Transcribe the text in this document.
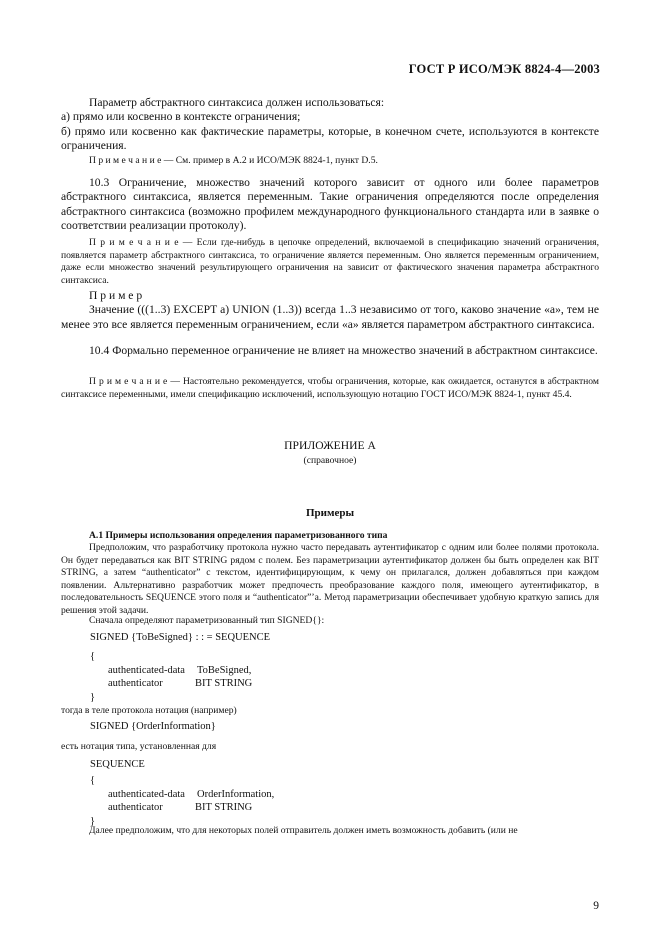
ГОСТ Р ИСО/МЭК 8824-4—2003

Параметр абстрактного синтаксиса должен использоваться:

а) прямо или косвенно в контексте ограничения;

б) прямо или косвенно как фактические параметры, которые, в конечном счете, используются в контексте ограничения.

П р и м е ч а н и е — См. пример в А.2 и ИСО/МЭК 8824-1, пункт D.5.
10.3 Ограничение, множество значений которого зависит от одного или более параметров абстрактного синтаксиса, является переменным. Такие ограничения определяются после определения абстрактного синтаксиса (возможно профилем международного функционального стандарта или в заявке о соответствии реализации протоколу).
П р и м е ч а н и е — Если где-нибудь в цепочке определений, включаемой в спецификацию значений ограничения, появляется параметр абстрактного синтаксиса, то ограничение является переменным. Оно является переменным ограничением, даже если множество значений результирующего ограничения на зависит от фактического значения параметра абстрактного синтаксиса.

П р и м е р

Значение (((1..3) EXCEPT a) UNION (1..3)) всегда 1..3 независимо от того, каково значение «а», тем не менее это все является переменным ограничением, если «а» является параметром абстрактного синтаксиса.

10.4 Формально переменное ограничение не влияет на множество значений в абстрактном синтаксисе.
П р и м е ч а н и е — Настоятельно рекомендуется, чтобы ограничения, которые, как ожидается, останутся в абстрактном синтаксисе переменными, имели спецификацию исключений, использующую нотацию ГОСТ ИСО/МЭК 8824-1, пункт 45.4.
ПРИЛОЖЕНИЕ А
(справочное)
Примеры
А.1 Примеры использования определения параметризованного типа
Предположим, что разработчику протокола нужно часто передавать аутентификатор с одним или более полями протокола. Он будет передаваться как BIT STRING рядом с полем. Без параметризации аутентификатор должен бы быть определен как BIT STRING, а затем “authenticator” с текстом, идентифицирующим, к чему он прилагался, должен добавляться при каждом появлении. Альтернативно разработчик может предпочесть преобразование каждого поля, имеющего аутентификатор, в последовательность SEQUENCE этого поля и “authenticator”’а. Метод параметризации обеспечивает удобную краткую запись для решения этой задачи.
Сначала определяют параметризованный тип SIGNED{}:
SIGNED {ToBeSigned} : : = SEQUENCE
{
authenticated-data ToBeSigned,
authenticator	BIT STRING
}
тогда в теле протокола нотация (например)
SIGNED {OrderInformation}
есть нотация типа, установленная для
SEQUENCE
{
authenticated-data OrderInformation,
authenticator	BIT STRING
}
Далее предположим, что для некоторых полей отправитель должен иметь возможность добавить (или не
9
